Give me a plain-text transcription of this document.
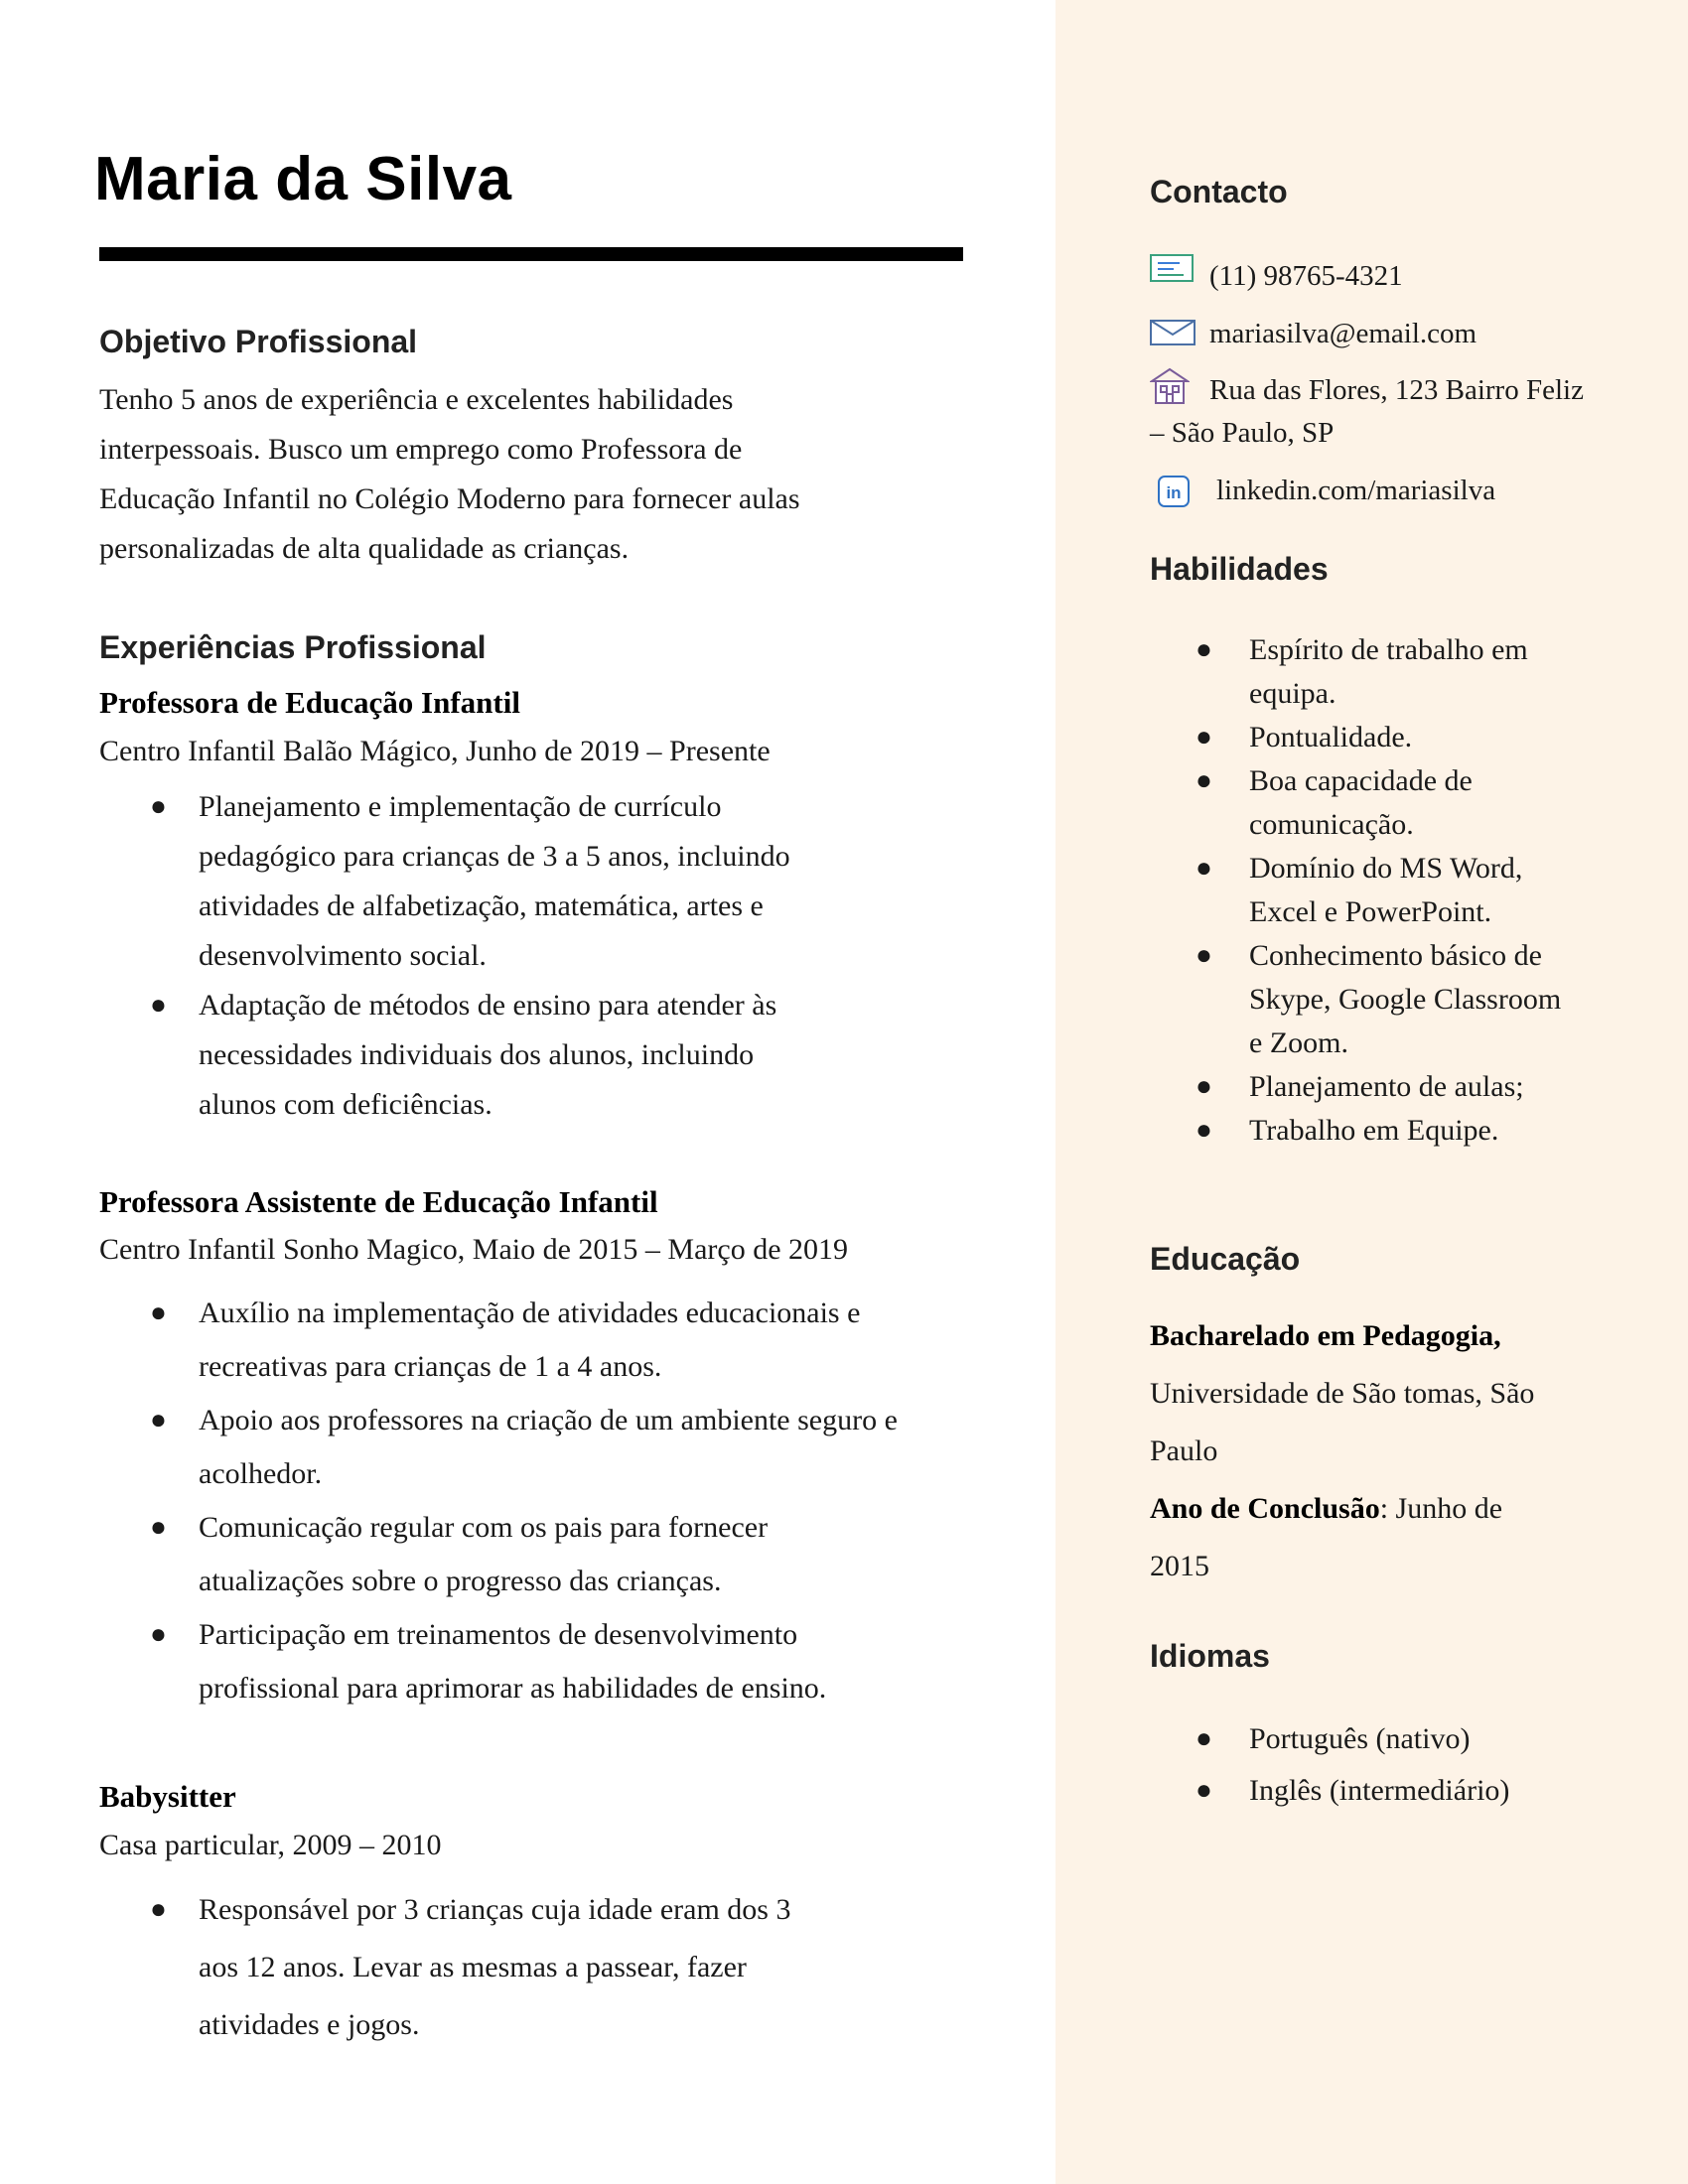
Maria da Silva
Objetivo Profissional
Tenho 5 anos de experiência e excelentes habilidades
interpessoais. Busco um emprego como Professora de
Educação Infantil no Colégio Moderno para fornecer aulas
personalizadas de alta qualidade as crianças.
Experiências Profissional
Professora de Educação Infantil
Centro Infantil Balão Mágico, Junho de 2019 – Presente
● Planejamento e implementação de currículo
pedagógico para crianças de 3 a 5 anos, incluindo
atividades de alfabetização, matemática, artes e
desenvolvimento social.
● Adaptação de métodos de ensino para atender às
necessidades individuais dos alunos, incluindo
alunos com deficiências.
Professora Assistente de Educação Infantil
Centro Infantil Sonho Magico, Maio de 2015 – Março de 2019
● Auxílio na implementação de atividades educacionais e
recreativas para crianças de 1 a 4 anos.
● Apoio aos professores na criação de um ambiente seguro e
acolhedor.
● Comunicação regular com os pais para fornecer
atualizações sobre o progresso das crianças.
● Participação em treinamentos de desenvolvimento
profissional para aprimorar as habilidades de ensino.
Babysitter
Casa particular, 2009 – 2010
● Responsável por 3 crianças cuja idade eram dos 3
aos 12 anos. Levar as mesmas a passear, fazer
atividades e jogos.
Contacto
(11) 98765-4321
mariasilva@email.com
Rua das Flores, 123 Bairro Feliz
– São Paulo, SP
in linkedin.com/mariasilva
Habilidades
● Espírito de trabalho em
equipa.
● Pontualidade.
● Boa capacidade de
comunicação.
● Domínio do MS Word,
Excel e PowerPoint.
● Conhecimento básico de
Skype, Google Classroom
e Zoom.
● Planejamento de aulas;
● Trabalho em Equipe.
Educação
Bacharelado em Pedagogia,
Universidade de São tomas, São
Paulo
Ano de Conclusão: Junho de
2015
Idiomas
● Português (nativo)
● Inglês (intermediário)
